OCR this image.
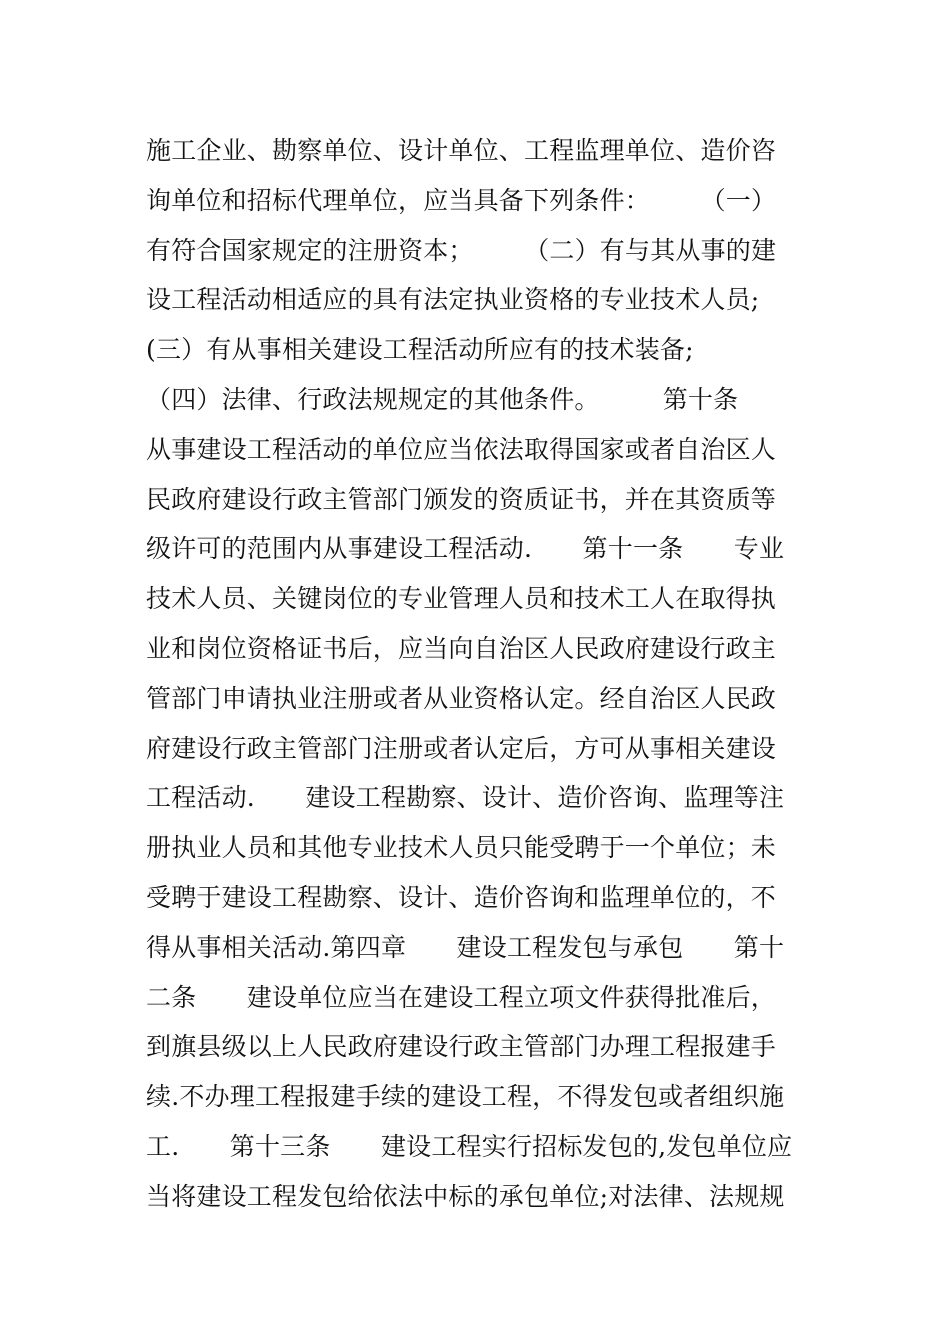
施工企业、勘察单位、设计单位、工程监理单位、造价咨
询单位和招标代理单位，应当具备下列条件：　　　（一）
有符合国家规定的注册资本；　　　（二）有与其从事的建
设工程活动相适应的具有法定执业资格的专业技术人员;
(三）有从事相关建设工程活动所应有的技术装备;
（四）法律、行政法规规定的其他条件。　　　第十条
从事建设工程活动的单位应当依法取得国家或者自治区人
民政府建设行政主管部门颁发的资质证书，并在其资质等
级许可的范围内从事建设工程活动.　　第十一条　　专业
技术人员、关键岗位的专业管理人员和技术工人在取得执
业和岗位资格证书后，应当向自治区人民政府建设行政主
管部门申请执业注册或者从业资格认定。经自治区人民政
府建设行政主管部门注册或者认定后，方可从事相关建设
工程活动.　　建设工程勘察、设计、造价咨询、监理等注
册执业人员和其他专业技术人员只能受聘于一个单位；未
受聘于建设工程勘察、设计、造价咨询和监理单位的，不
得从事相关活动.第四章　　建设工程发包与承包　　第十
二条　　建设单位应当在建设工程立项文件获得批准后，
到旗县级以上人民政府建设行政主管部门办理工程报建手
续.不办理工程报建手续的建设工程，不得发包或者组织施
工.　　第十三条　　建设工程实行招标发包的,发包单位应
当将建设工程发包给依法中标的承包单位;对法律、法规规
